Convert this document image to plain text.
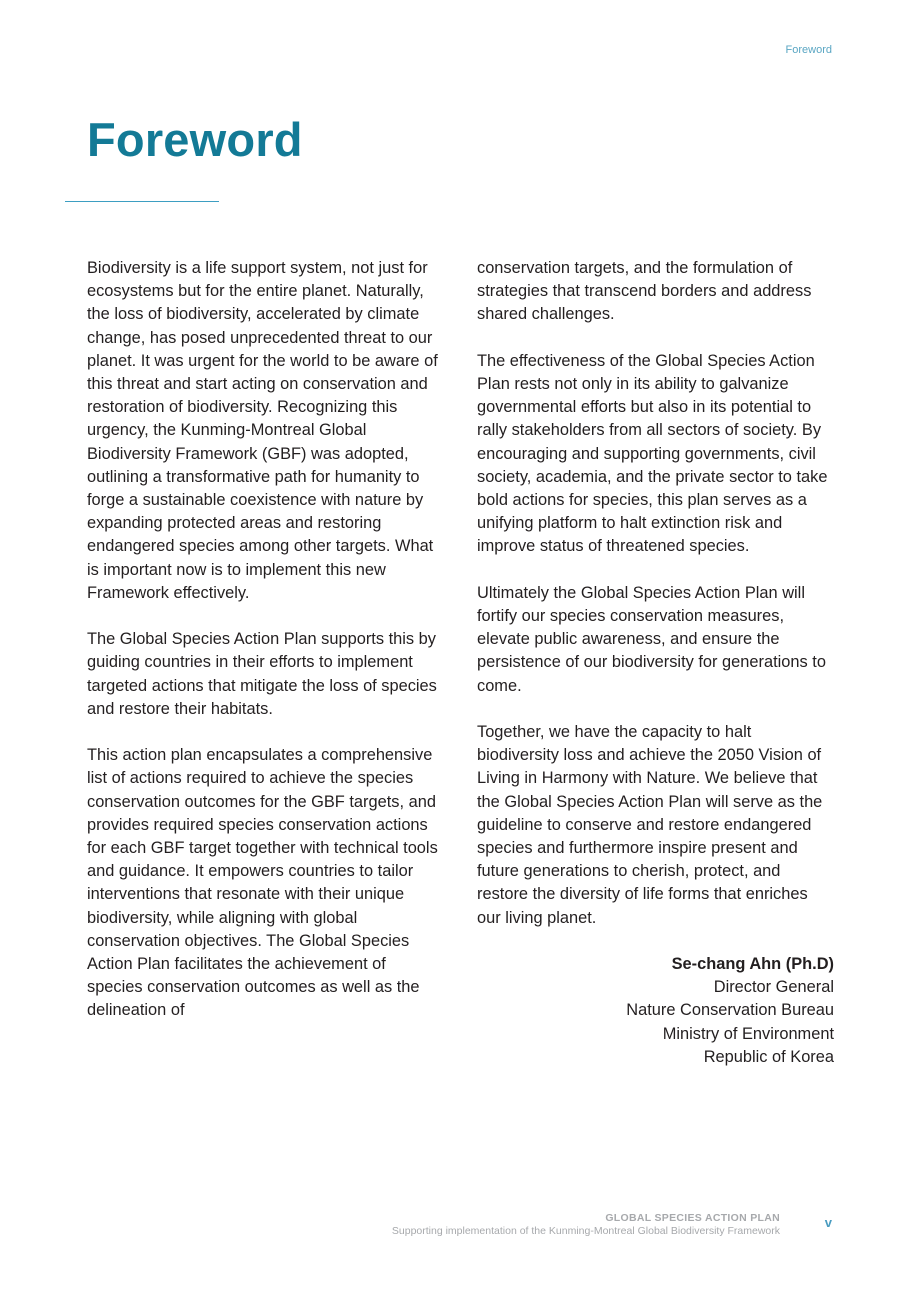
Foreword
Foreword

Biodiversity is a life support system, not just for ecosystems but for the entire planet. Naturally, the loss of biodiversity, accelerated by climate change, has posed unprecedented threat to our planet. It was urgent for the world to be aware of this threat and start acting on conservation and restoration of biodiversity. Recognizing this urgency, the Kunming-Montreal Global Biodiversity Framework (GBF) was adopted, outlining a transformative path for humanity to forge a sustainable coexistence with nature by expanding protected areas and restoring endangered species among other targets. What is important now is to implement this new Framework effectively.

The Global Species Action Plan supports this by guiding countries in their efforts to implement targeted actions that mitigate the loss of species and restore their habitats.

This action plan encapsulates a comprehensive list of actions required to achieve the species conservation outcomes for the GBF targets, and provides required species conservation actions for each GBF target together with technical tools and guidance. It empowers countries to tailor interventions that resonate with their unique biodiversity, while aligning with global conservation objectives. The Global Species Action Plan facilitates the achievement of species conservation outcomes as well as the delineation of

conservation targets, and the formulation of strategies that transcend borders and address shared challenges.

The effectiveness of the Global Species Action Plan rests not only in its ability to galvanize governmental efforts but also in its potential to rally stakeholders from all sectors of society. By encouraging and supporting governments, civil society, academia, and the private sector to take bold actions for species, this plan serves as a unifying platform to halt extinction risk and improve status of threatened species.

Ultimately the Global Species Action Plan will fortify our species conservation measures, elevate public awareness, and ensure the persistence of our biodiversity for generations to come.

Together, we have the capacity to halt biodiversity loss and achieve the 2050 Vision of Living in Harmony with Nature. We believe that the Global Species Action Plan will serve as the guideline to conserve and restore endangered species and furthermore inspire present and future generations to cherish, protect, and restore the diversity of life forms that enriches our living planet.

Se-chang Ahn (Ph.D)
Director General
Nature Conservation Bureau
Ministry of Environment
Republic of Korea
GLOBAL SPECIES ACTION PLAN
Supporting implementation of the Kunming-Montreal Global Biodiversity Framework
v
